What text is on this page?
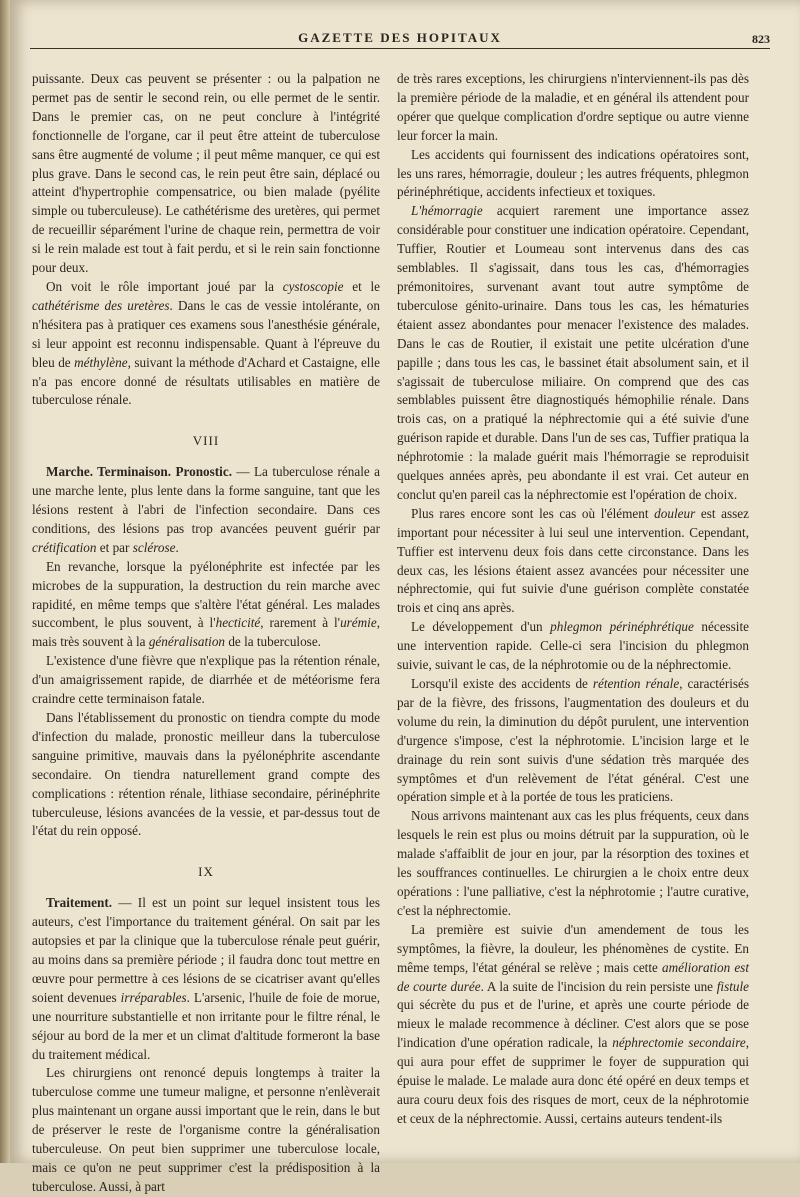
GAZETTE DES HOPITAUX	823

puissante. Deux cas peuvent se présenter : ou la palpation ne permet pas de sentir le second rein, ou elle permet de le sentir. Dans le premier cas, on ne peut conclure à l'intégrité fonctionnelle de l'organe, car il peut être atteint de tuberculose sans être augmenté de volume ; il peut même manquer, ce qui est plus grave. Dans le second cas, le rein peut être sain, déplacé ou atteint d'hypertrophie compensatrice, ou bien malade (pyélite simple ou tuberculeuse). Le cathétérisme des uretères, qui permet de recueillir séparément l'urine de chaque rein, permettra de voir si le rein malade est tout à fait perdu, et si le rein sain fonctionne pour deux.

On voit le rôle important joué par la cystoscopie et le cathétérisme des uretères. Dans le cas de vessie intolérante, on n'hésitera pas à pratiquer ces examens sous l'anesthésie générale, si leur appoint est reconnu indispensable. Quant à l'épreuve du bleu de méthylène, suivant la méthode d'Achard et Castaigne, elle n'a pas encore donné de résultats utilisables en matière de tuberculose rénale.

VIII

Marche. Terminaison. Pronostic. — La tuberculose rénale a une marche lente, plus lente dans la forme sanguine, tant que les lésions restent à l'abri de l'infection secondaire. Dans ces conditions, des lésions pas trop avancées peuvent guérir par crétification et par sclérose.

En revanche, lorsque la pyélonéphrite est infectée par les microbes de la suppuration, la destruction du rein marche avec rapidité, en même temps que s'altère l'état général. Les malades succombent, le plus souvent, à l'hecticité, rarement à l'urémie, mais très souvent à la généralisation de la tuberculose.

L'existence d'une fièvre que n'explique pas la rétention rénale, d'un amaigrissement rapide, de diarrhée et de météorisme fera craindre cette terminaison fatale.

Dans l'établissement du pronostic on tiendra compte du mode d'infection du malade, pronostic meilleur dans la tuberculose sanguine primitive, mauvais dans la pyélonéphrite ascendante secondaire. On tiendra naturellement grand compte des complications : rétention rénale, lithiase secondaire, périnéphrite tuberculeuse, lésions avancées de la vessie, et par-dessus tout de l'état du rein opposé.

IX

Traitement. — Il est un point sur lequel insistent tous les auteurs, c'est l'importance du traitement général. On sait par les autopsies et par la clinique que la tuberculose rénale peut guérir, au moins dans sa première période ; il faudra donc tout mettre en œuvre pour permettre à ces lésions de se cicatriser avant qu'elles soient devenues irréparables. L'arsenic, l'huile de foie de morue, une nourriture substantielle et non irritante pour le filtre rénal, le séjour au bord de la mer et un climat d'altitude formeront la base du traitement médical.

Les chirurgiens ont renoncé depuis longtemps à traiter la tuberculose comme une tumeur maligne, et personne n'enlèverait plus maintenant un organe aussi important que le rein, dans le but de préserver le reste de l'organisme contre la généralisation tuberculeuse. On peut bien supprimer une tuberculose locale, mais ce qu'on ne peut supprimer c'est la prédisposition à la tuberculose. Aussi, à part

de très rares exceptions, les chirurgiens n'interviennent-ils pas dès la première période de la maladie, et en général ils attendent pour opérer que quelque complication d'ordre septique ou autre vienne leur forcer la main.

Les accidents qui fournissent des indications opératoires sont, les uns rares, hémorragie, douleur ; les autres fréquents, phlegmon périnéphrétique, accidents infectieux et toxiques.

L'hémorragie acquiert rarement une importance assez considérable pour constituer une indication opératoire. Cependant, Tuffier, Routier et Loumeau sont intervenus dans des cas semblables. Il s'agissait, dans tous les cas, d'hémorragies prémonitoires, survenant avant tout autre symptôme de tuberculose génito-urinaire. Dans tous les cas, les hématuries étaient assez abondantes pour menacer l'existence des malades. Dans le cas de Routier, il existait une petite ulcération d'une papille ; dans tous les cas, le bassinet était absolument sain, et il s'agissait de tuberculose miliaire. On comprend que des cas semblables puissent être diagnostiqués hémophilie rénale. Dans trois cas, on a pratiqué la néphrectomie qui a été suivie d'une guérison rapide et durable. Dans l'un de ses cas, Tuffier pratiqua la néphrotomie : la malade guérit mais l'hémorragie se reproduisit quelques années après, peu abondante il est vrai. Cet auteur en conclut qu'en pareil cas la néphrectomie est l'opération de choix.

Plus rares encore sont les cas où l'élément douleur est assez important pour nécessiter à lui seul une intervention. Cependant, Tuffier est intervenu deux fois dans cette circonstance. Dans les deux cas, les lésions étaient assez avancées pour nécessiter une néphrectomie, qui fut suivie d'une guérison complète constatée trois et cinq ans après.

Le développement d'un phlegmon périnéphrétique nécessite une intervention rapide. Celle-ci sera l'incision du phlegmon suivie, suivant le cas, de la néphrotomie ou de la néphrectomie.

Lorsqu'il existe des accidents de rétention rénale, caractérisés par de la fièvre, des frissons, l'augmentation des douleurs et du volume du rein, la diminution du dépôt purulent, une intervention d'urgence s'impose, c'est la néphrotomie. L'incision large et le drainage du rein sont suivis d'une sédation très marquée des symptômes et d'un relèvement de l'état général. C'est une opération simple et à la portée de tous les praticiens.

Nous arrivons maintenant aux cas les plus fréquents, ceux dans lesquels le rein est plus ou moins détruit par la suppuration, où le malade s'affaiblit de jour en jour, par la résorption des toxines et les souffrances continuelles. Le chirurgien a le choix entre deux opérations : l'une palliative, c'est la néphrotomie ; l'autre curative, c'est la néphrectomie.

La première est suivie d'un amendement de tous les symptômes, la fièvre, la douleur, les phénomènes de cystite. En même temps, l'état général se relève ; mais cette amélioration est de courte durée. A la suite de l'incision du rein persiste une fistule qui sécrète du pus et de l'urine, et après une courte période de mieux le malade recommence à décliner. C'est alors que se pose l'indication d'une opération radicale, la néphrectomie secondaire, qui aura pour effet de supprimer le foyer de suppuration qui épuise le malade. Le malade aura donc été opéré en deux temps et aura couru deux fois des risques de mort, ceux de la néphrotomie et ceux de la néphrectomie. Aussi, certains auteurs tendent-ils
